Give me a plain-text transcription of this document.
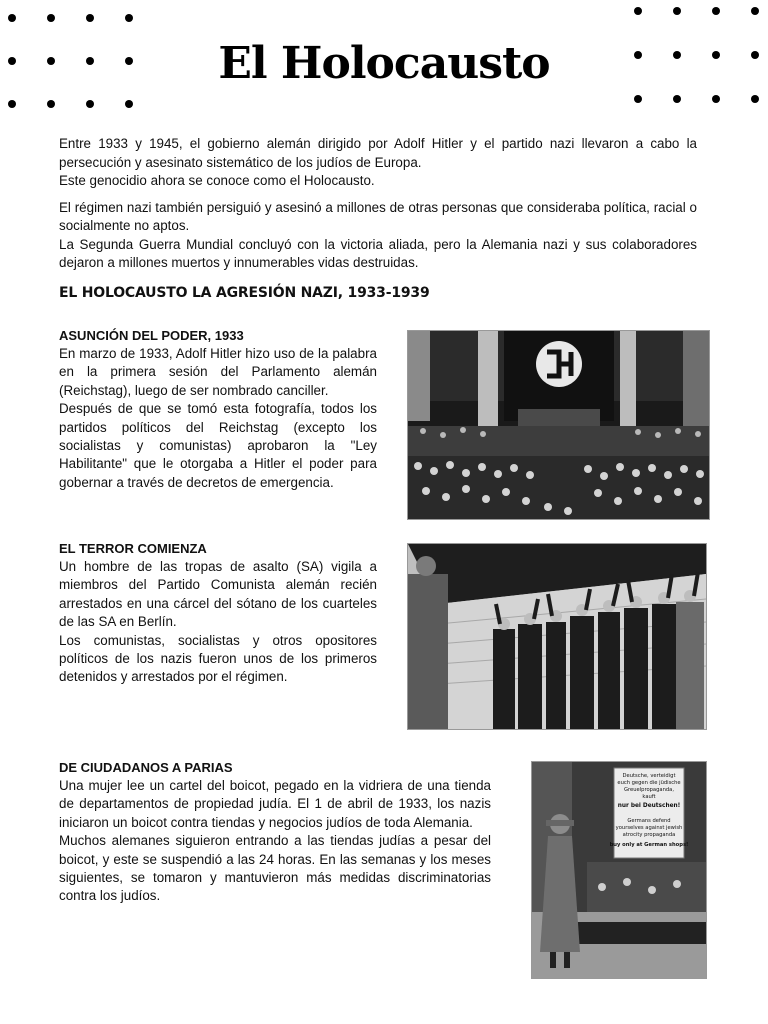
El Holocausto

Entre 1933 y 1945, el gobierno alemán dirigido por Adolf Hitler y el partido nazi llevaron a cabo la persecución y asesinato sistemático de los judíos de Europa.
Este genocidio ahora se conoce como el Holocausto.

El régimen nazi también persiguió y asesinó a millones de otras personas que consideraba política, racial o socialmente no aptos.
La Segunda Guerra Mundial concluyó con la victoria aliada, pero la Alemania nazi y sus colaboradores dejaron a millones muertos y innumerables vidas destruidas.

EL HOLOCAUSTO LA AGRESIÓN NAZI, 1933-1939
ASUNCIÓN DEL PODER, 1933

En marzo de 1933, Adolf Hitler hizo uso de la palabra en la primera sesión del Parlamento alemán (Reichstag), luego de ser nombrado canciller.

Después de que se tomó esta fotografía, todos los partidos políticos del Reichstag (excepto los socialistas y comunistas) aprobaron la "Ley Habilitante" que le otorgaba a Hitler el poder para gobernar a través de decretos de emergencia.

EL TERROR COMIENZA

Un hombre de las tropas de asalto (SA) vigila a miembros del Partido Comunista alemán recién arrestados en una cárcel del sótano de los cuarteles de las SA en Berlín.

Los comunistas, socialistas y otros opositores políticos de los nazis fueron unos de los primeros detenidos y arrestados por el régimen.

DE CIUDADANOS A PARIAS

Una mujer lee un cartel del boicot, pegado en la vidriera de una tienda de departamentos de propiedad judía. El 1 de abril de 1933, los nazis iniciaron un boicot contra tiendas y negocios judíos de toda Alemania.

Muchos alemanes siguieron entrando a las tiendas judías a pesar del boicot, y este se suspendió a las 24 horas. En las semanas y los meses siguientes, se tomaron y mantuvieron más medidas discriminatorias contra los judíos.

Deutsche, verteidigt
euch gegen die jüdische
Greuelpropaganda,
kauft
nur bei Deutschen!
Germans defend
yourselves against jewish
atrocity propaganda
buy only at German shops!
